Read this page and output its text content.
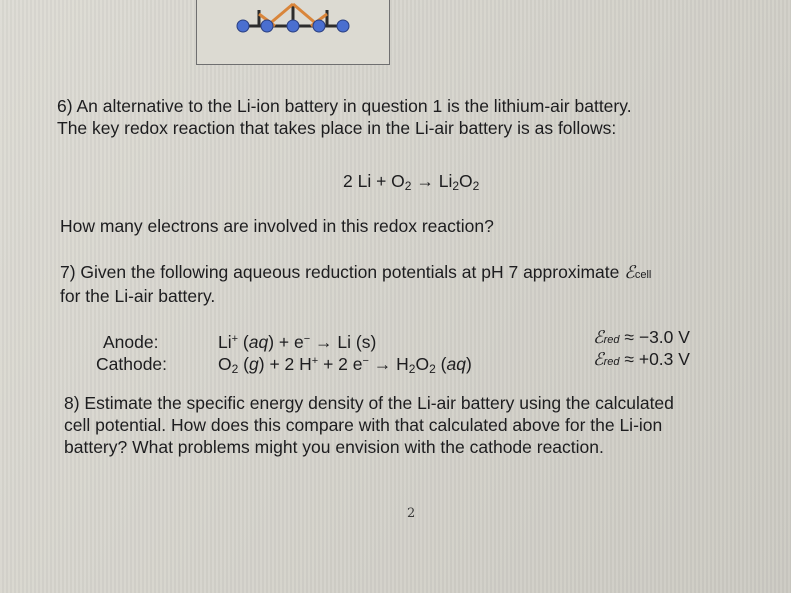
6) An alternative to the Li-ion battery in question 1 is the lithium-air battery.
The key redox reaction that takes place in the Li-air battery is as follows:
2 $Li + O_2 \to Li_2O_2$
How many electrons are involved in this redox reaction?
7) Given the following aqueous reduction potentials at pH 7 approximate ℰcell
for the Li-air battery.
Anode:	Li+ (aq) + e− → Li (s)	ℰred ≈ −3.0 V
Cathode:	$O_2$ (g) + 2 H+ + 2 $e^- \to H_2O_2$ (aq)	ℰred ≈ +0.3 V
8) Estimate the specific energy density of the Li-air battery using the calculated
cell potential. How does this compare with that calculated above for the Li-ion
battery? What problems might you envision with the cathode reaction.
2
